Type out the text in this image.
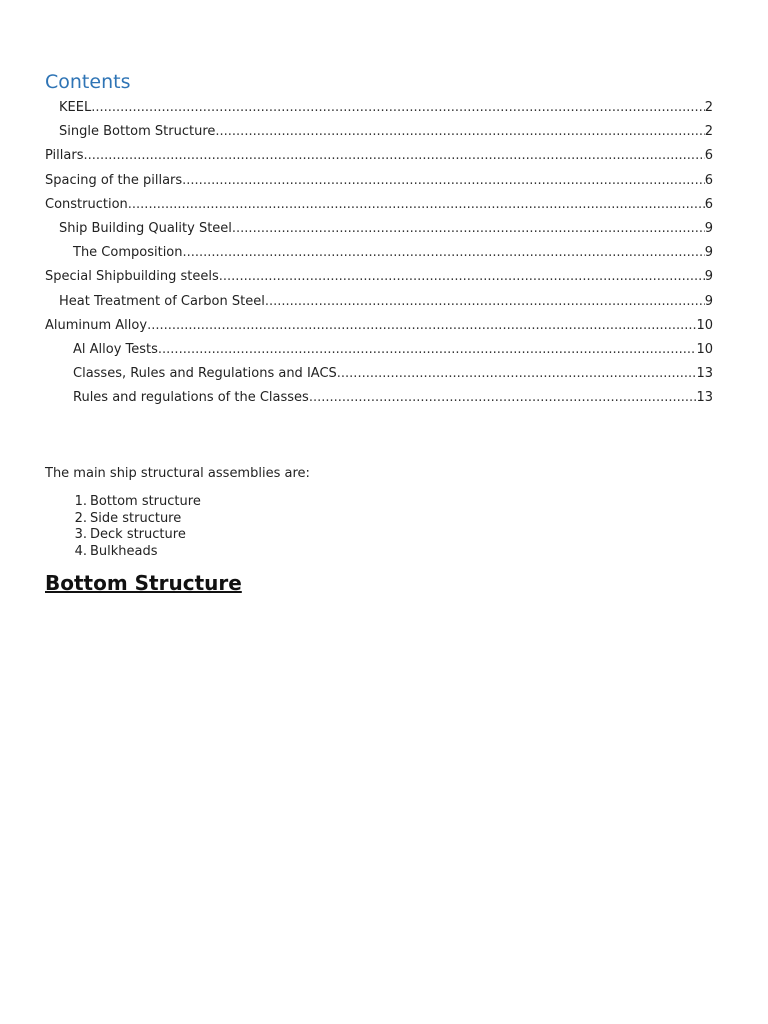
Contents
KEEL .....	2
Single Bottom Structure .....	2
Pillars .....	6
Spacing of the pillars .....	6
Construction .....	6
Ship Building Quality Steel .....	9
The Composition .....	9
Special Shipbuilding steels .....	9
Heat Treatment of Carbon Steel .....	9
Aluminum Alloy .....	10
Al Alloy Tests .....	10
Classes, Rules and Regulations and IACS .....	13
Rules and regulations of the Classes .....	13
The main ship structural assemblies are:
1. Bottom structure
2. Side structure
3. Deck structure
4. Bulkheads
Bottom Structure
